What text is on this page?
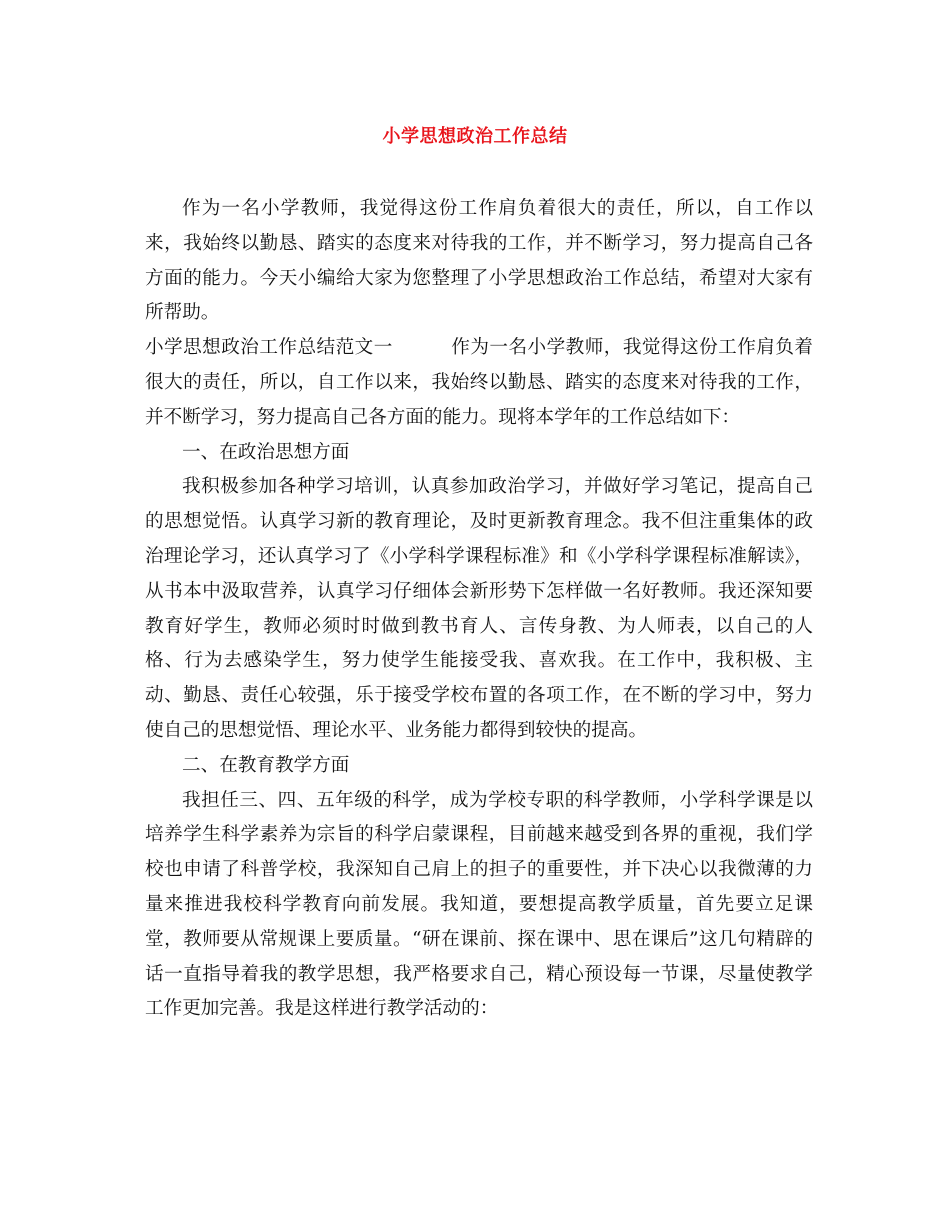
小学思想政治工作总结

作为一名小学教师，我觉得这份工作肩负着很大的责任，所以，自工作以来，我始终以勤恳、踏实的态度来对待我的工作，并不断学习，努力提高自己各方面的能力。今天小编给大家为您整理了小学思想政治工作总结，希望对大家有所帮助。

小学思想政治工作总结范文一	作为一名小学教师，我觉得这份工作肩负着很大的责任，所以，自工作以来，我始终以勤恳、踏实的态度来对待我的工作，并不断学习，努力提高自己各方面的能力。现将本学年的工作总结如下：

一、在政治思想方面

我积极参加各种学习培训，认真参加政治学习，并做好学习笔记，提高自己的思想觉悟。认真学习新的教育理论，及时更新教育理念。我不但注重集体的政治理论学习，还认真学习了《小学科学课程标准》和《小学科学课程标准解读》，从书本中汲取营养，认真学习仔细体会新形势下怎样做一名好教师。我还深知要教育好学生，教师必须时时做到教书育人、言传身教、为人师表，以自己的人格、行为去感染学生，努力使学生能接受我、喜欢我。在工作中，我积极、主动、勤恳、责任心较强，乐于接受学校布置的各项工作，在不断的学习中，努力使自己的思想觉悟、理论水平、业务能力都得到较快的提高。

二、在教育教学方面

我担任三、四、五年级的科学，成为学校专职的科学教师，小学科学课是以培养学生科学素养为宗旨的科学启蒙课程，目前越来越受到各界的重视，我们学校也申请了科普学校，我深知自己肩上的担子的重要性，并下决心以我微薄的力量来推进我校科学教育向前发展。我知道，要想提高教学质量，首先要立足课堂，教师要从常规课上要质量。“研在课前、探在课中、思在课后”这几句精辟的话一直指导着我的教学思想，我严格要求自己，精心预设每一节课，尽量使教学工作更加完善。我是这样进行教学活动的：
